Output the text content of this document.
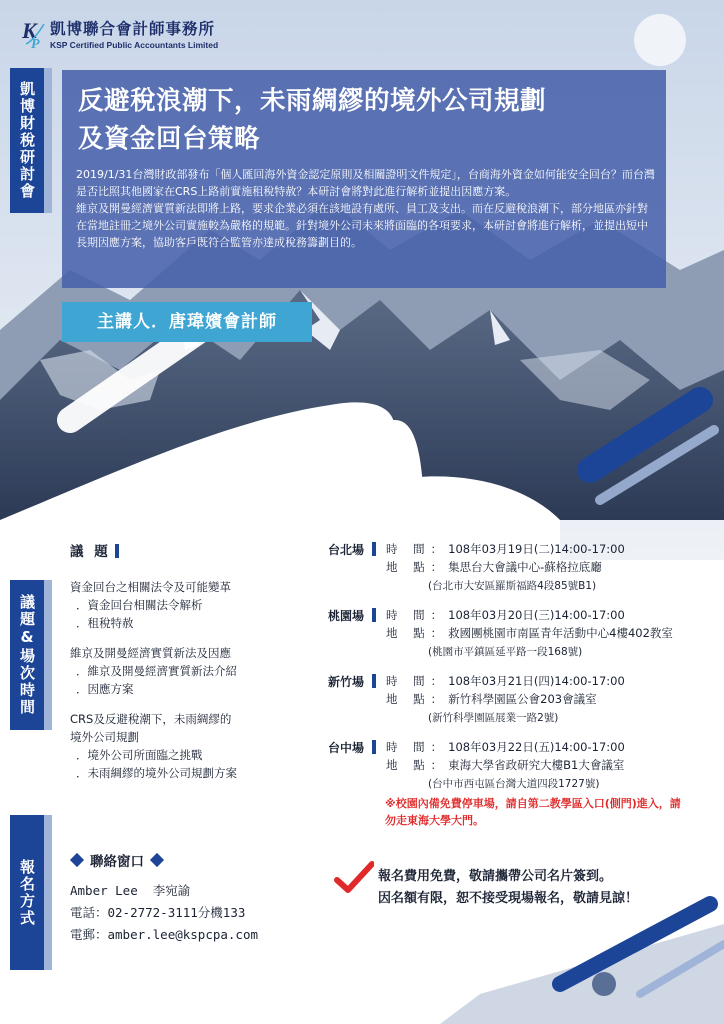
K
P
凱博聯合會計師事務所
KSP Certified Public Accountants Limited
凱博財稅研討會
議題&場次時間
報名方式
反避稅浪潮下，未雨綢繆的境外公司規劃
及資金回台策略
2019/1/31台灣財政部發布「個人匯回海外資金認定原則及相關證明文件規定」，台商海外資金如何能安全回台？而台灣是否比照其他國家在CRS上路前實施租稅特赦？本研討會將對此進行解析並提出因應方案。
維京及開曼經濟實質新法即將上路，要求企業必須在該地設有處所、員工及支出。而在反避稅浪潮下，部分地區亦針對在當地註冊之境外公司實施較為嚴格的規範。針對境外公司未來將面臨的各項要求，本研討會將進行解析，並提出短中長期因應方案，協助客戶既符合監管亦達成稅務籌劃目的。
主講人．唐瑋嬪會計師
議 題
資金回台之相關法令及可能變革
．資金回台相關法令解析
．租稅特赦
維京及開曼經濟實質新法及因應
．維京及開曼經濟實質新法介紹
．因應方案
CRS及反避稅潮下，未雨綢繆的
境外公司規劃
．境外公司所面臨之挑戰
．未雨綢繆的境外公司規劃方案
台北場 時 間：108年03月19日(二)14:00-17:00
地 點：集思台大會議中心-蘇格拉底廳
(台北市大安區羅斯福路4段85號B1)
桃園場 時 間：108年03月20日(三)14:00-17:00
地 點：救國團桃園市南區青年活動中心4樓402教室
(桃園市平鎮區延平路一段168號)
新竹場 時 間：108年03月21日(四)14:00-17:00
地 點：新竹科學園區公會203會議室
(新竹科學園區展業一路2號)
台中場 時 間：108年03月22日(五)14:00-17:00
地 點：東海大學省政研究大樓B1大會議室
(台中市西屯區台灣大道四段1727號)
※校園內備免費停車場，請自第二教學區入口(側門)進入，請勿走東海大學大門。
聯絡窗口
Amber Lee  李宛諭
電話：02-2772-3111分機133
電郵：amber.lee@kspcpa.com
報名費用免費，敬請攜帶公司名片簽到。
因名額有限，恕不接受現場報名，敬請見諒！
